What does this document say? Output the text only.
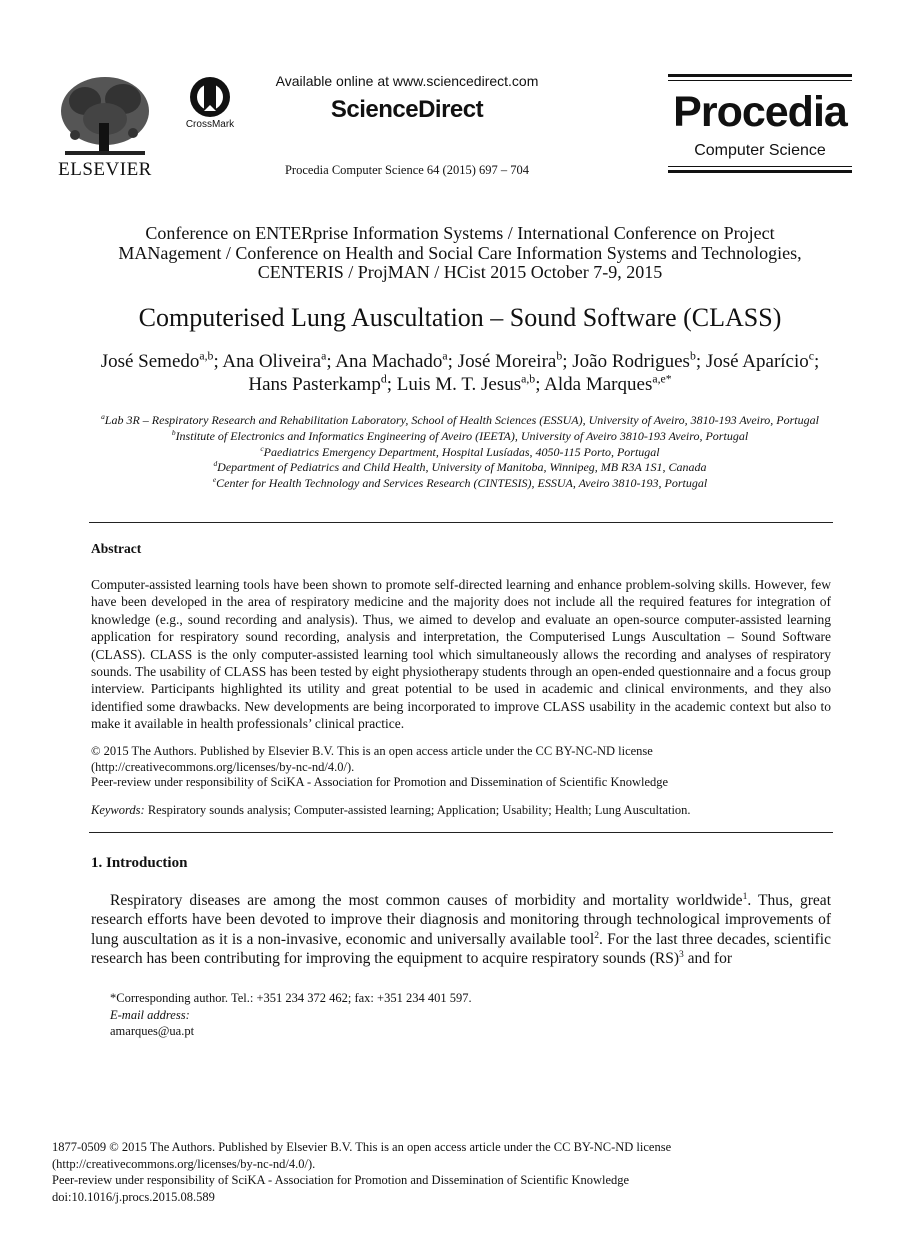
ELSEVIER
CrossMark
Available online at www.sciencedirect.com
ScienceDirect
Procedia Computer Science 64 (2015) 697 – 704
Procedia
Computer Science
Conference on ENTERprise Information Systems / International Conference on Project
MANagement / Conference on Health and Social Care Information Systems and Technologies,
CENTERIS / ProjMAN / HCist 2015 October 7-9, 2015
Computerised Lung Auscultation – Sound Software (CLASS)
José Semedo$^{a,b}$; Ana Oliveira$^a$; Ana Machado$^a$; José Moreira$^b$; João Rodrigues$^b$; José Aparício$^c$; Hans Pasterkamp$^d$; Luis M. T. Jesus$^{a,b}$; Alda Marques$^{a,e*}$
$^a$Lab 3R – Respiratory Research and Rehabilitation Laboratory, School of Health Sciences (ESSUA), University of Aveiro, 3810-193 Aveiro, Portugal
$^b$Institute of Electronics and Informatics Engineering of Aveiro (IEETA), University of Aveiro 3810-193 Aveiro, Portugal
$^c$Paediatrics Emergency Department, Hospital Lusíadas, 4050-115 Porto, Portugal
$^d$Department of Pediatrics and Child Health, University of Manitoba, Winnipeg, MB R3A 1S1, Canada
$^e$Center for Health Technology and Services Research (CINTESIS), ESSUA, Aveiro 3810-193, Portugal
Abstract
Computer-assisted learning tools have been shown to promote self-directed learning and enhance problem-solving skills. However, few have been developed in the area of respiratory medicine and the majority does not include all the required features for integration of knowledge (e.g., sound recording and analysis). Thus, we aimed to develop and evaluate an open-source computer-assisted learning application for respiratory sound recording, analysis and interpretation, the Computerised Lungs Auscultation – Sound Software (CLASS). CLASS is the only computer-assisted learning tool which simultaneously allows the recording and analyses of respiratory sounds. The usability of CLASS has been tested by eight physiotherapy students through an open-ended questionnaire and a focus group interview. Participants highlighted its utility and great potential to be used in academic and clinical environments, and they also identified some drawbacks. New developments are being incorporated to improve CLASS usability in the academic context but also to make it available in health professionals’ clinical practice.
© 2015 The Authors. Published by Elsevier B.V. This is an open access article under the CC BY-NC-ND license
(http://creativecommons.org/licenses/by-nc-nd/4.0/).
Peer-review under responsibility of SciKA - Association for Promotion and Dissemination of Scientific Knowledge
Keywords: Respiratory sounds analysis; Computer-assisted learning; Application; Usability; Health; Lung Auscultation.
1. Introduction
Respiratory diseases are among the most common causes of morbidity and mortality worldwide$^1$. Thus, great research efforts have been devoted to improve their diagnosis and monitoring through technological improvements of lung auscultation as it is a non-invasive, economic and universally available tool$^2$. For the last three decades, scientific research has been contributing for improving the equipment to acquire respiratory sounds (RS)$^3$ and for
*Corresponding author. Tel.: +351 234 372 462; fax: +351 234 401 597.
E-mail address:
amarques@ua.pt
1877-0509 © 2015 The Authors. Published by Elsevier B.V. This is an open access article under the CC BY-NC-ND license
(http://creativecommons.org/licenses/by-nc-nd/4.0/).
Peer-review under responsibility of SciKA - Association for Promotion and Dissemination of Scientific Knowledge
doi:10.1016/j.procs.2015.08.589
